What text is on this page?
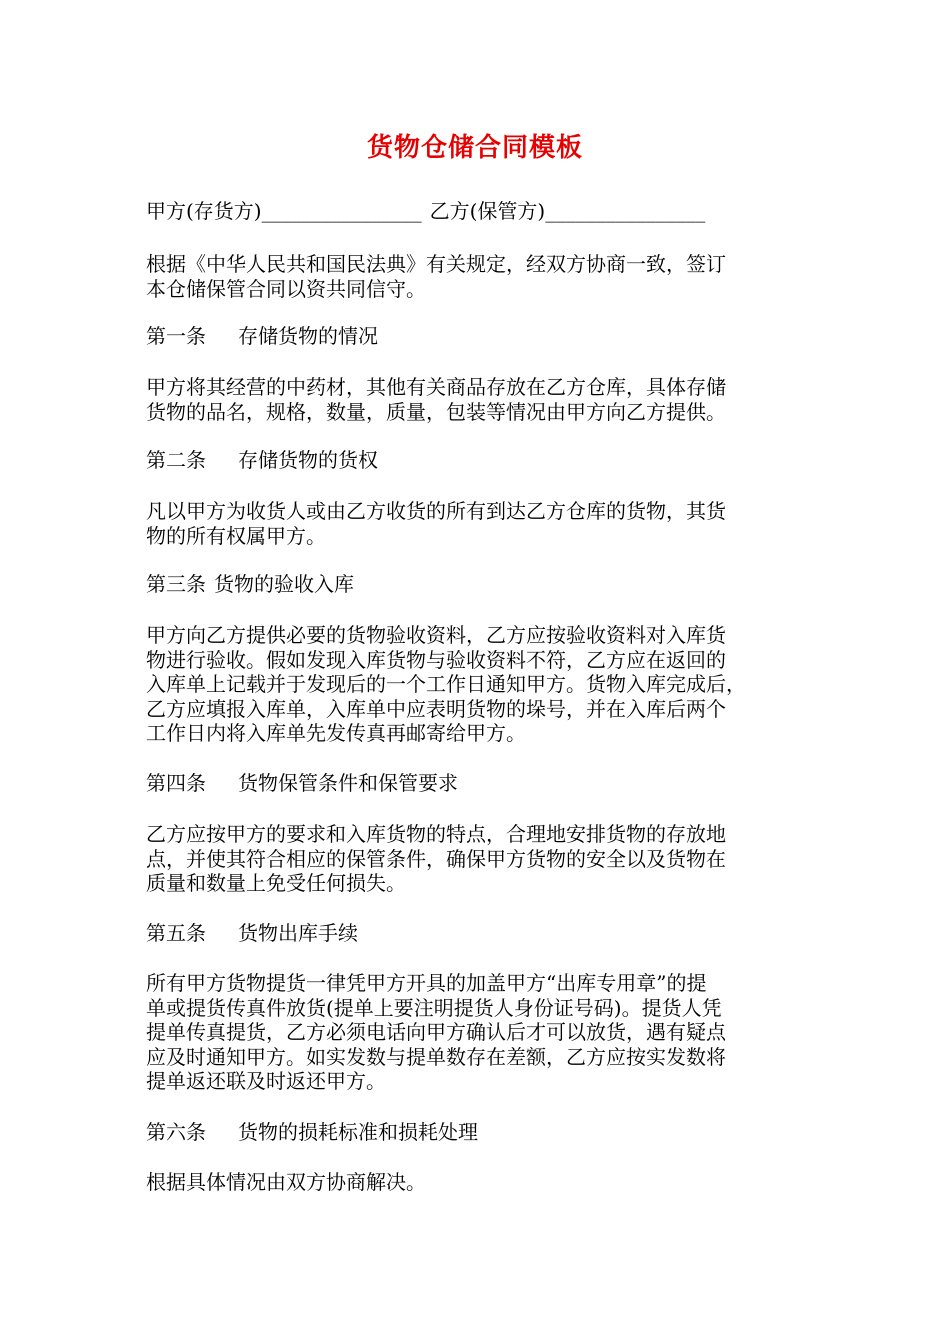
货物仓储合同模板
甲方(存货方)________________ 乙方(保管方)________________
根据《中华人民共和国民法典》有关规定，经双方协商一致，签订
本仓储保管合同以资共同信守。
第一条 存储货物的情况
甲方将其经营的中药材，其他有关商品存放在乙方仓库，具体存储
货物的品名，规格，数量，质量，包装等情况由甲方向乙方提供。
第二条 存储货物的货权
凡以甲方为收货人或由乙方收货的所有到达乙方仓库的货物，其货
物的所有权属甲方。
第三条 货物的验收入库
甲方向乙方提供必要的货物验收资料，乙方应按验收资料对入库货
物进行验收。假如发现入库货物与验收资料不符，乙方应在返回的
入库单上记载并于发现后的一个工作日通知甲方。货物入库完成后，
乙方应填报入库单，入库单中应表明货物的垛号，并在入库后两个
工作日内将入库单先发传真再邮寄给甲方。
第四条 货物保管条件和保管要求
乙方应按甲方的要求和入库货物的特点，合理地安排货物的存放地
点，并使其符合相应的保管条件，确保甲方货物的安全以及货物在
质量和数量上免受任何损失。
第五条 货物出库手续
所有甲方货物提货一律凭甲方开具的加盖甲方“出库专用章”的提
单或提货传真件放货(提单上要注明提货人身份证号码)。提货人凭
提单传真提货，乙方必须电话向甲方确认后才可以放货，遇有疑点
应及时通知甲方。如实发数与提单数存在差额，乙方应按实发数将
提单返还联及时返还甲方。
第六条 货物的损耗标准和损耗处理
根据具体情况由双方协商解决。
